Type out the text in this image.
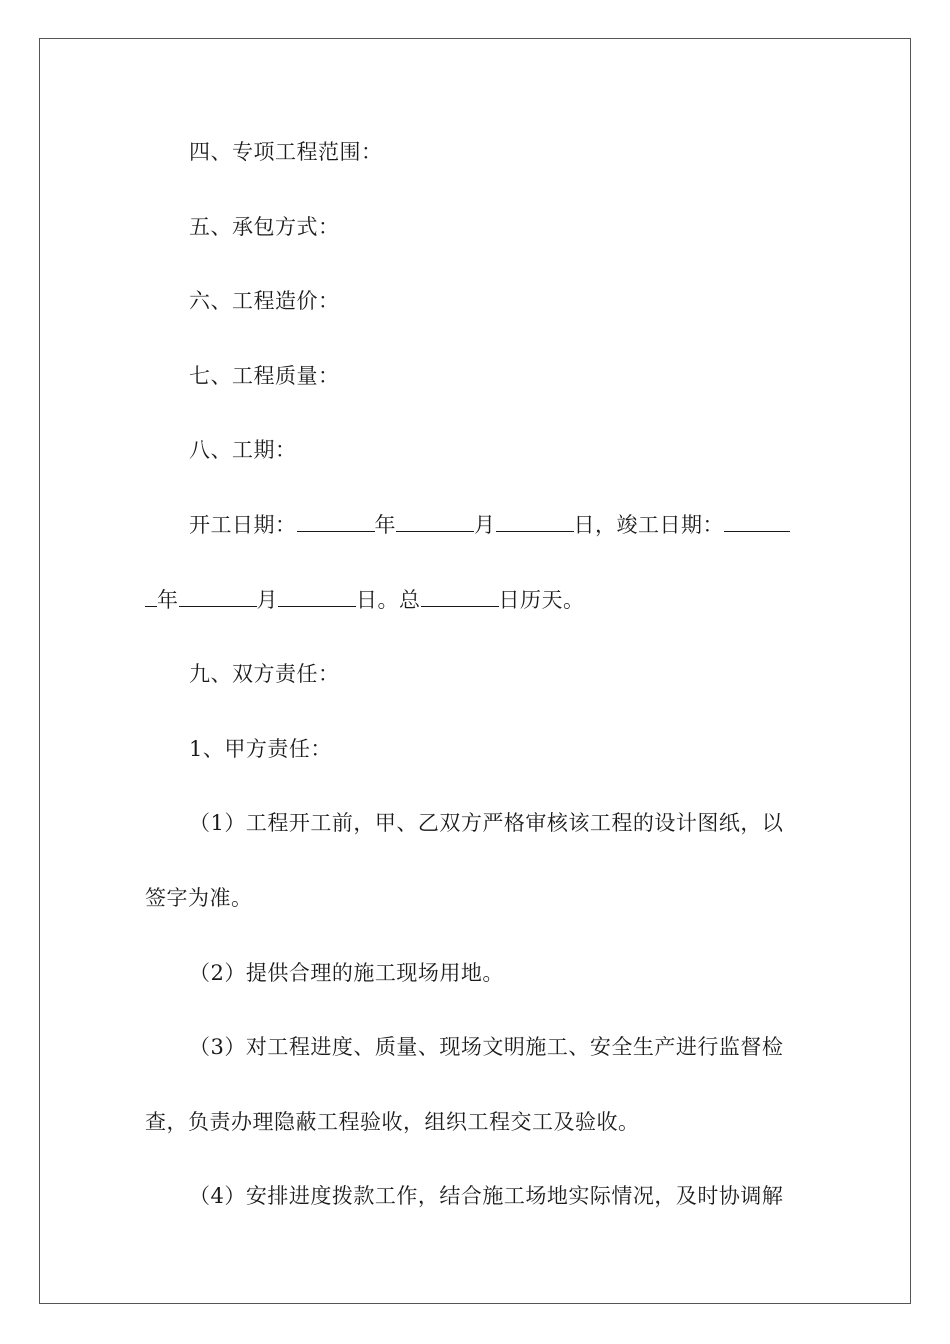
四、专项工程范围：
五、承包方式：
六、工程造价：
七、工程质量：
八、工期：
开工日期：	年	月	日，竣工日期：
年	月	日。总	日历天。
九、双方责任：
1、甲方责任：
（1）工程开工前，甲、乙双方严格审核该工程的设计图纸，以
签字为准。
（2）提供合理的施工现场用地。
（3）对工程进度、质量、现场文明施工、安全生产进行监督检
查，负责办理隐蔽工程验收，组织工程交工及验收。
（4）安排进度拨款工作，结合施工场地实际情况，及时协调解
